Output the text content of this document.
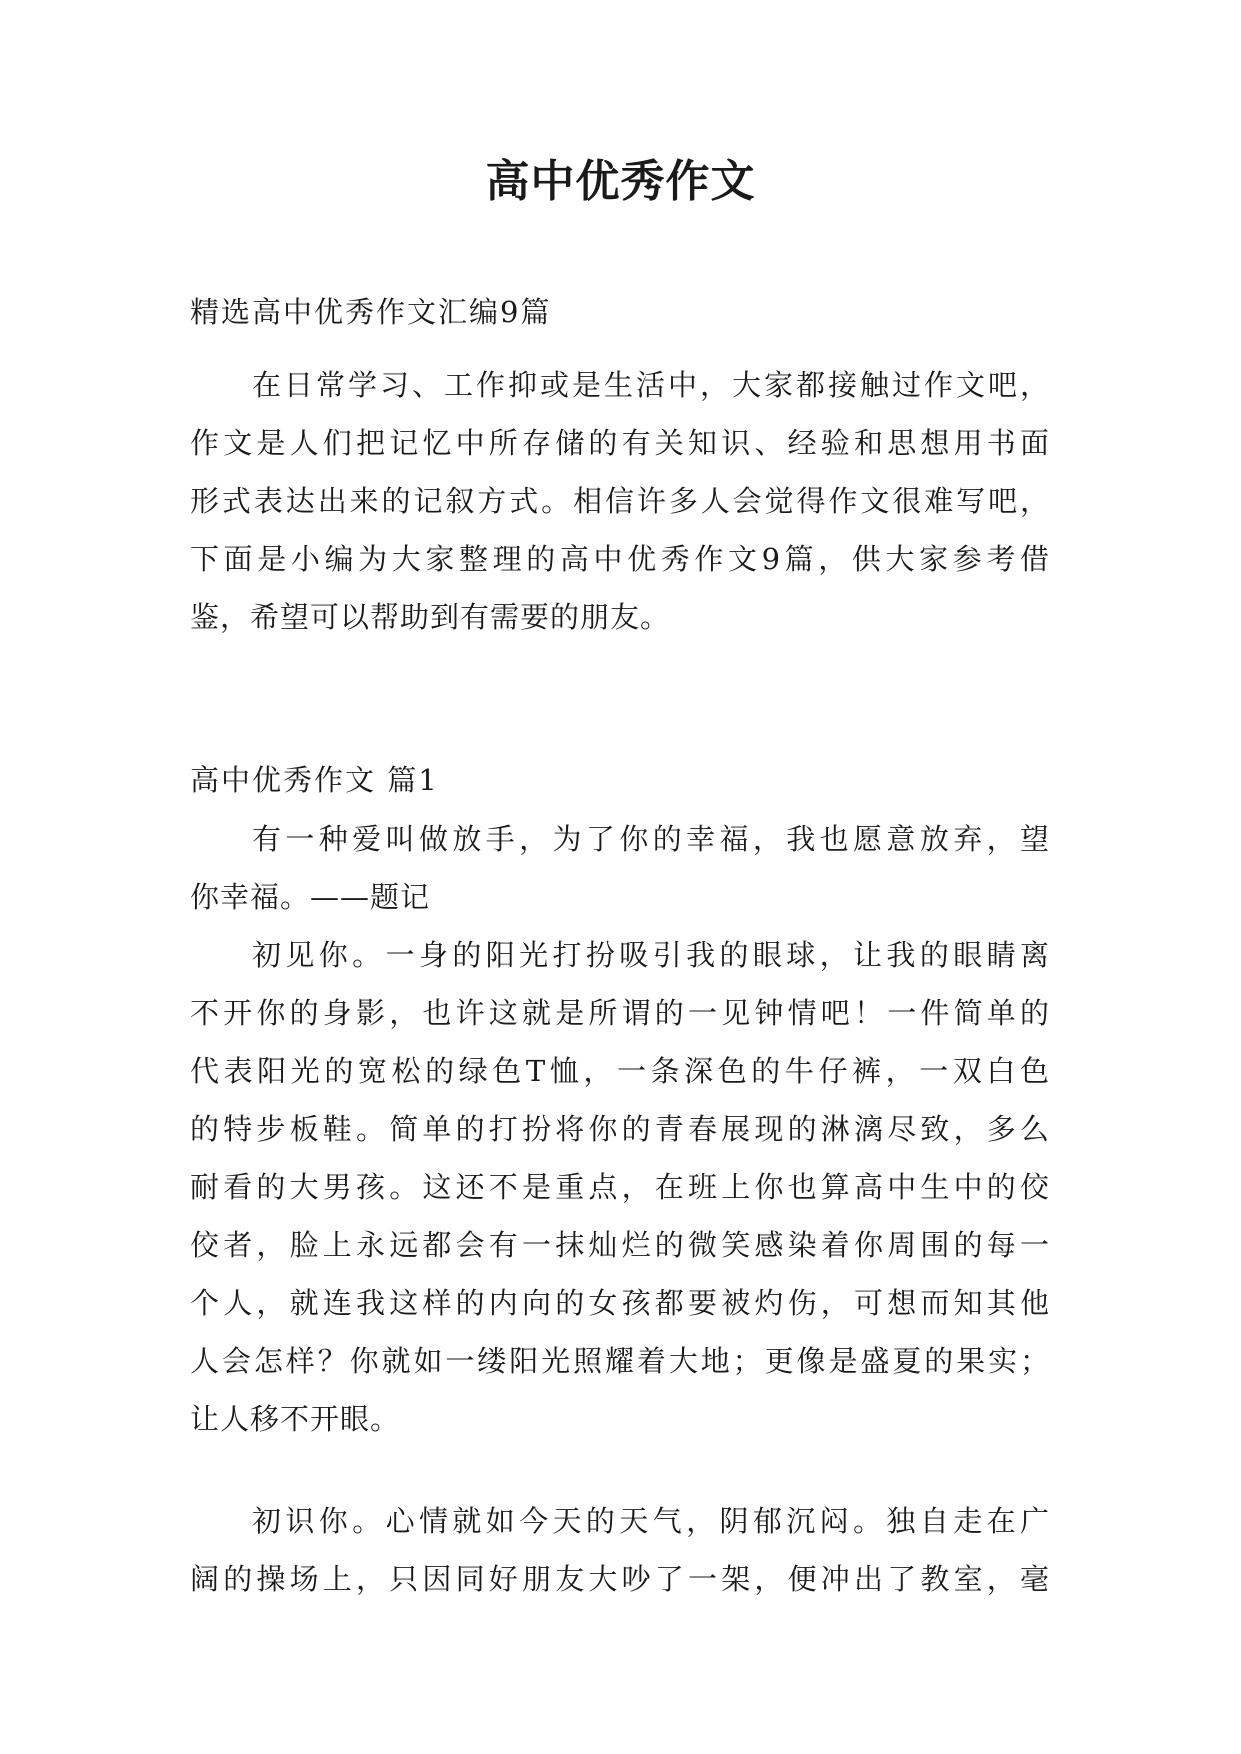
高中优秀作文
精选高中优秀作文汇编9篇
在日常学习、工作抑或是生活中，大家都接触过作文吧，
作文是人们把记忆中所存储的有关知识、经验和思想用书面
形式表达出来的记叙方式。相信许多人会觉得作文很难写吧，
下面是小编为大家整理的高中优秀作文9篇，供大家参考借
鉴，希望可以帮助到有需要的朋友。
高中优秀作文 篇1
有一种爱叫做放手，为了你的幸福，我也愿意放弃，望
你幸福。——题记
初见你。一身的阳光打扮吸引我的眼球，让我的眼睛离
不开你的身影，也许这就是所谓的一见钟情吧！一件简单的
代表阳光的宽松的绿色T恤，一条深色的牛仔裤，一双白色
的特步板鞋。简单的打扮将你的青春展现的淋漓尽致，多么
耐看的大男孩。这还不是重点，在班上你也算高中生中的佼
佼者，脸上永远都会有一抹灿烂的微笑感染着你周围的每一
个人，就连我这样的内向的女孩都要被灼伤，可想而知其他
人会怎样？你就如一缕阳光照耀着大地；更像是盛夏的果实；
让人移不开眼。
初识你。心情就如今天的天气，阴郁沉闷。独自走在广
阔的操场上，只因同好朋友大吵了一架，便冲出了教室，毫
